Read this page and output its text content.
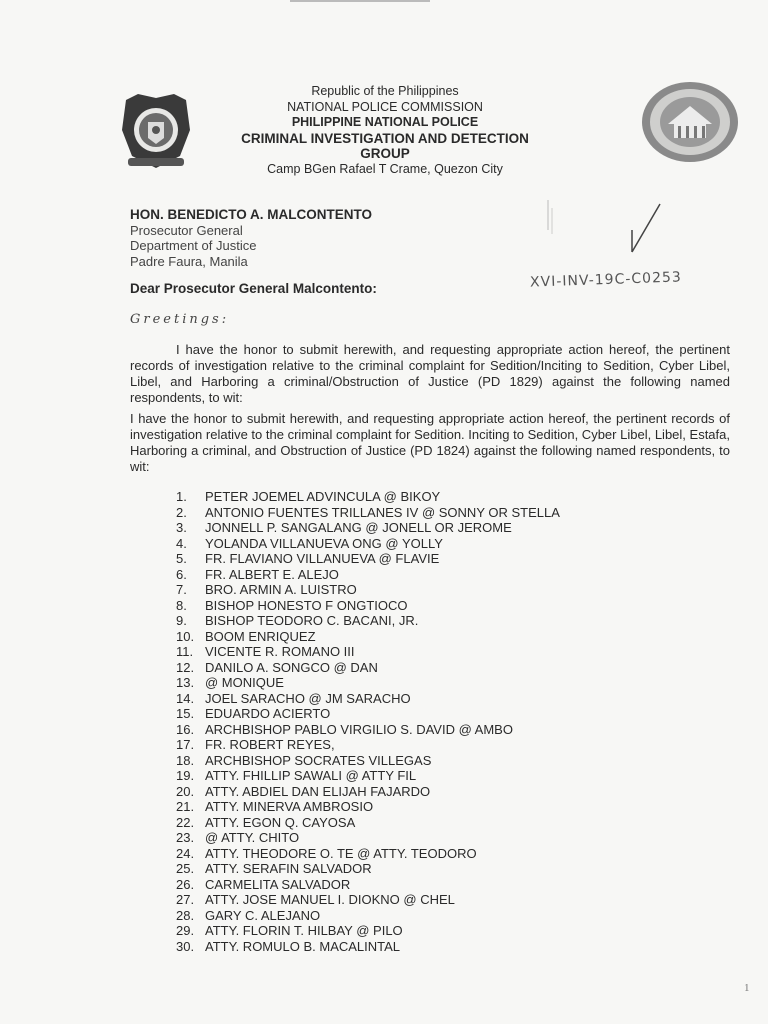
Republic of the Philippines
NATIONAL POLICE COMMISSION
PHILIPPINE NATIONAL POLICE
CRIMINAL INVESTIGATION AND DETECTION GROUP
Camp BGen Rafael T Crame, Quezon City
HON. BENEDICTO A. MALCONTENTO
Prosecutor General
Department of Justice
Padre Faura, Manila
Dear Prosecutor General Malcontento:	XVI-INV-19C-C0253
Greetings:
I have the honor to submit herewith, and requesting appropriate action hereof, the pertinent records of investigation relative to the criminal complaint for Sedition/Inciting to Sedition, Cyber Libel, Libel, and Harboring a criminal/Obstruction of Justice (PD 1829) against the following named respondents, to wit:
I have the honor to submit herewith, and requesting appropriate action hereof, the pertinent records of investigation relative to the criminal complaint for Sedition. Inciting to Sedition, Cyber Libel, Libel, Estafa, Harboring a criminal, and Obstruction of Justice (PD 1824) against the following named respondents, to wit:
1. PETER JOEMEL ADVINCULA @ BIKOY
2. ANTONIO FUENTES TRILLANES IV @ SONNY OR STELLA
3. JONNELL P. SANGALANG @ JONELL OR JEROME
4. YOLANDA VILLANUEVA ONG @ YOLLY
5. FR. FLAVIANO VILLANUEVA @ FLAVIE
6. FR. ALBERT E. ALEJO
7. BRO. ARMIN A. LUISTRO
8. BISHOP HONESTO F ONGTIOCO
9. BISHOP TEODORO C. BACANI, JR.
10. BOOM ENRIQUEZ
11. VICENTE R. ROMANO III
12. DANILO A. SONGCO @ DAN
13. @ MONIQUE
14. JOEL SARACHO @ JM SARACHO
15. EDUARDO ACIERTO
16. ARCHBISHOP PABLO VIRGILIO S. DAVID @ AMBO
17. FR. ROBERT REYES,
18. ARCHBISHOP SOCRATES VILLEGAS
19. ATTY. FHILLIP SAWALI @ ATTY FIL
20. ATTY. ABDIEL DAN ELIJAH FAJARDO
21. ATTY. MINERVA AMBROSIO
22. ATTY. EGON Q. CAYOSA
23. @ ATTY. CHITO
24. ATTY. THEODORE O. TE @ ATTY. TEODORO
25. ATTY. SERAFIN SALVADOR
26. CARMELITA SALVADOR
27. ATTY. JOSE MANUEL I. DIOKNO @ CHEL
28. GARY C. ALEJANO
29. ATTY. FLORIN T. HILBAY @ PILO
30. ATTY. ROMULO B. MACALINTAL
1
